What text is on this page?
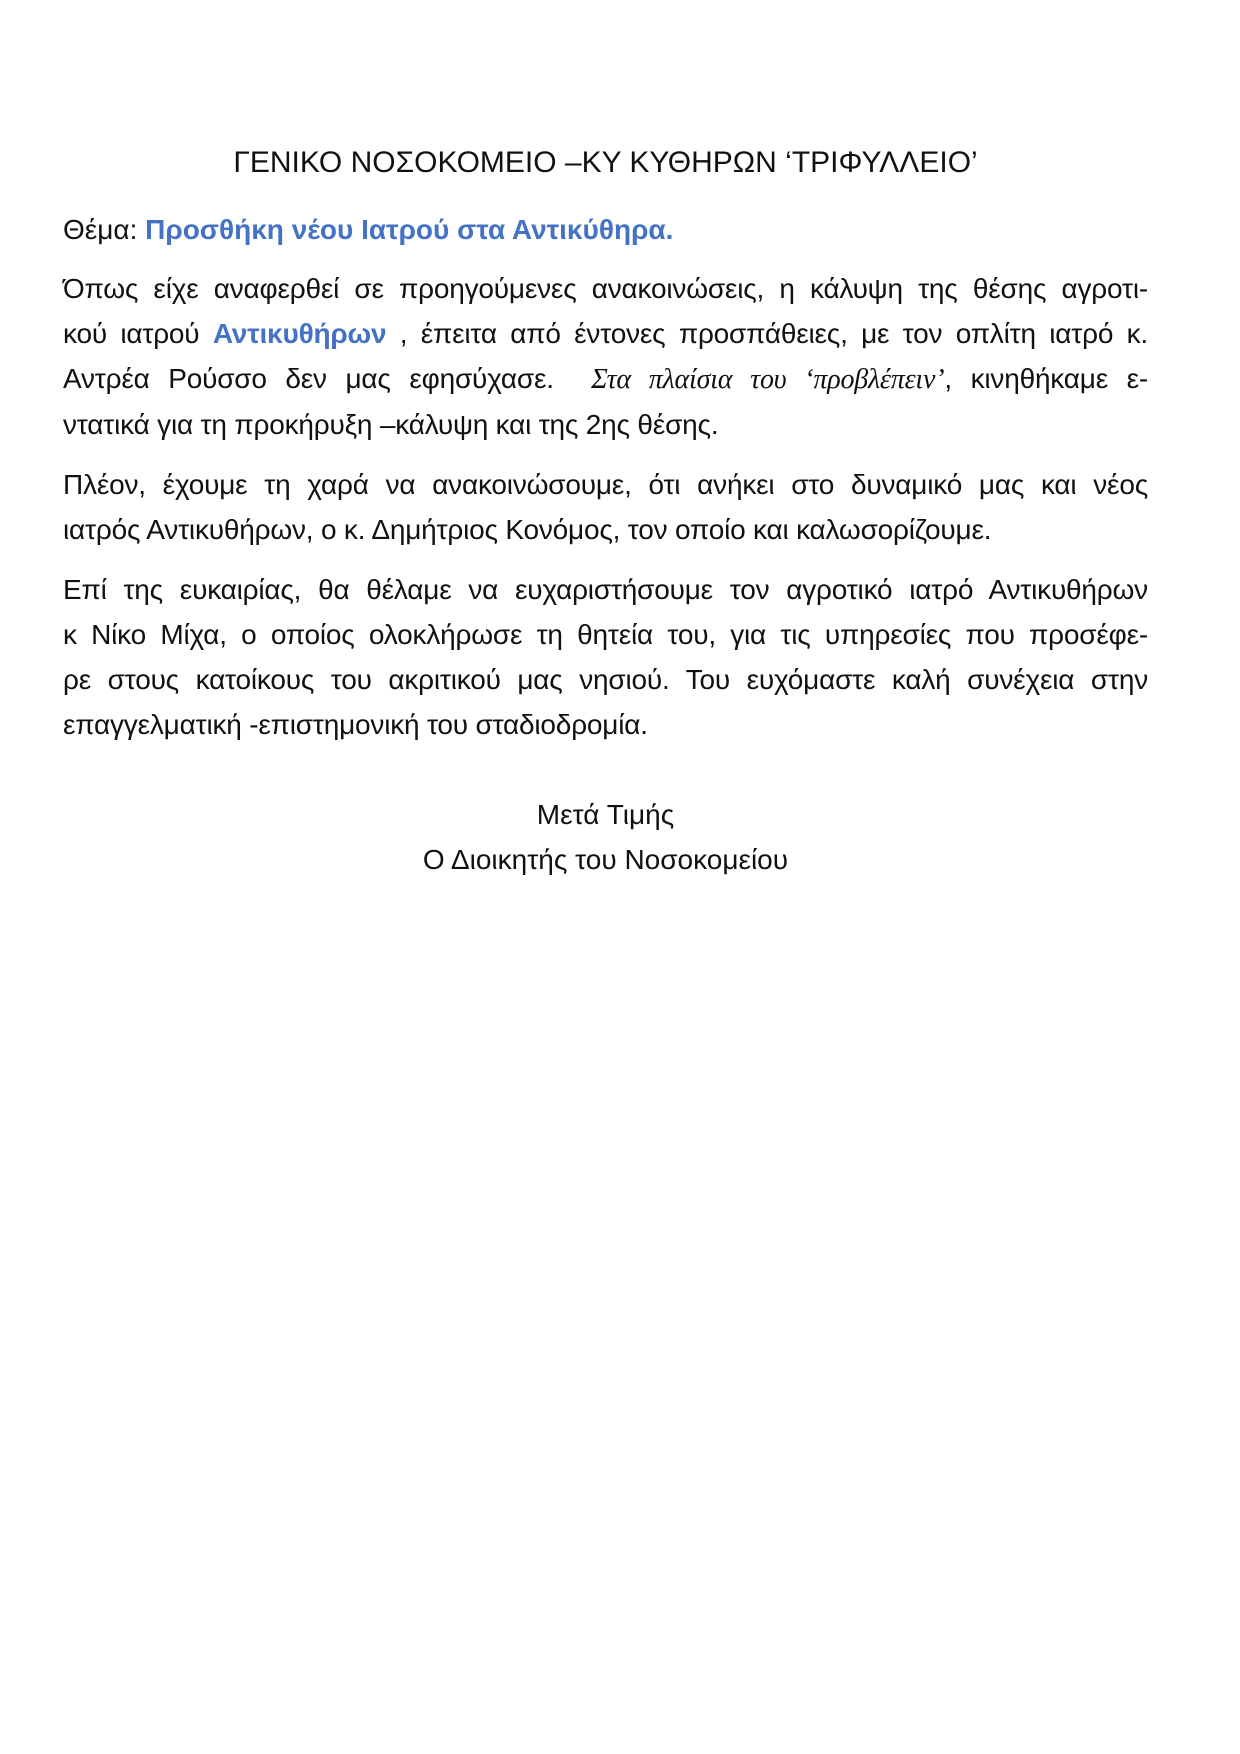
ΓΕΝΙΚΟ ΝΟΣΟΚΟΜΕΙΟ –ΚΥ ΚΥΘΗΡΩΝ ‘ΤΡΙΦΥΛΛΕΙΟ’
Θέμα: Προσθήκη νέου Ιατρού στα Αντικύθηρα.
Όπως είχε αναφερθεί σε προηγούμενες ανακοινώσεις, η κάλυψη της θέσης αγροτι-
κού ιατρού Αντικυθήρων , έπειτα από έντονες προσπάθειες, με τον οπλίτη ιατρό κ.
Αντρέα Ρούσσο δεν μας εφησύχασε.  Στα πλαίσια του ‘προβλέπειν’, κινηθήκαμε ε-
ντατικά για τη προκήρυξη –κάλυψη και της 2ης θέσης.
Πλέον, έχουμε τη χαρά να ανακοινώσουμε, ότι ανήκει στο δυναμικό μας και νέος
ιατρός Αντικυθήρων, ο κ. Δημήτριος Κονόμος, τον οποίο και καλωσορίζουμε.
Επί της ευκαιρίας, θα θέλαμε να ευχαριστήσουμε τον αγροτικό ιατρό Αντικυθήρων
κ Νίκο Μίχα, ο οποίος ολοκλήρωσε τη θητεία του, για τις υπηρεσίες που προσέφε-
ρε στους κατοίκους του ακριτικού μας νησιού. Του ευχόμαστε καλή συνέχεια στην
επαγγελματική -επιστημονική του σταδιοδρομία.
Μετά Τιμής
Ο Διοικητής του Νοσοκομείου
